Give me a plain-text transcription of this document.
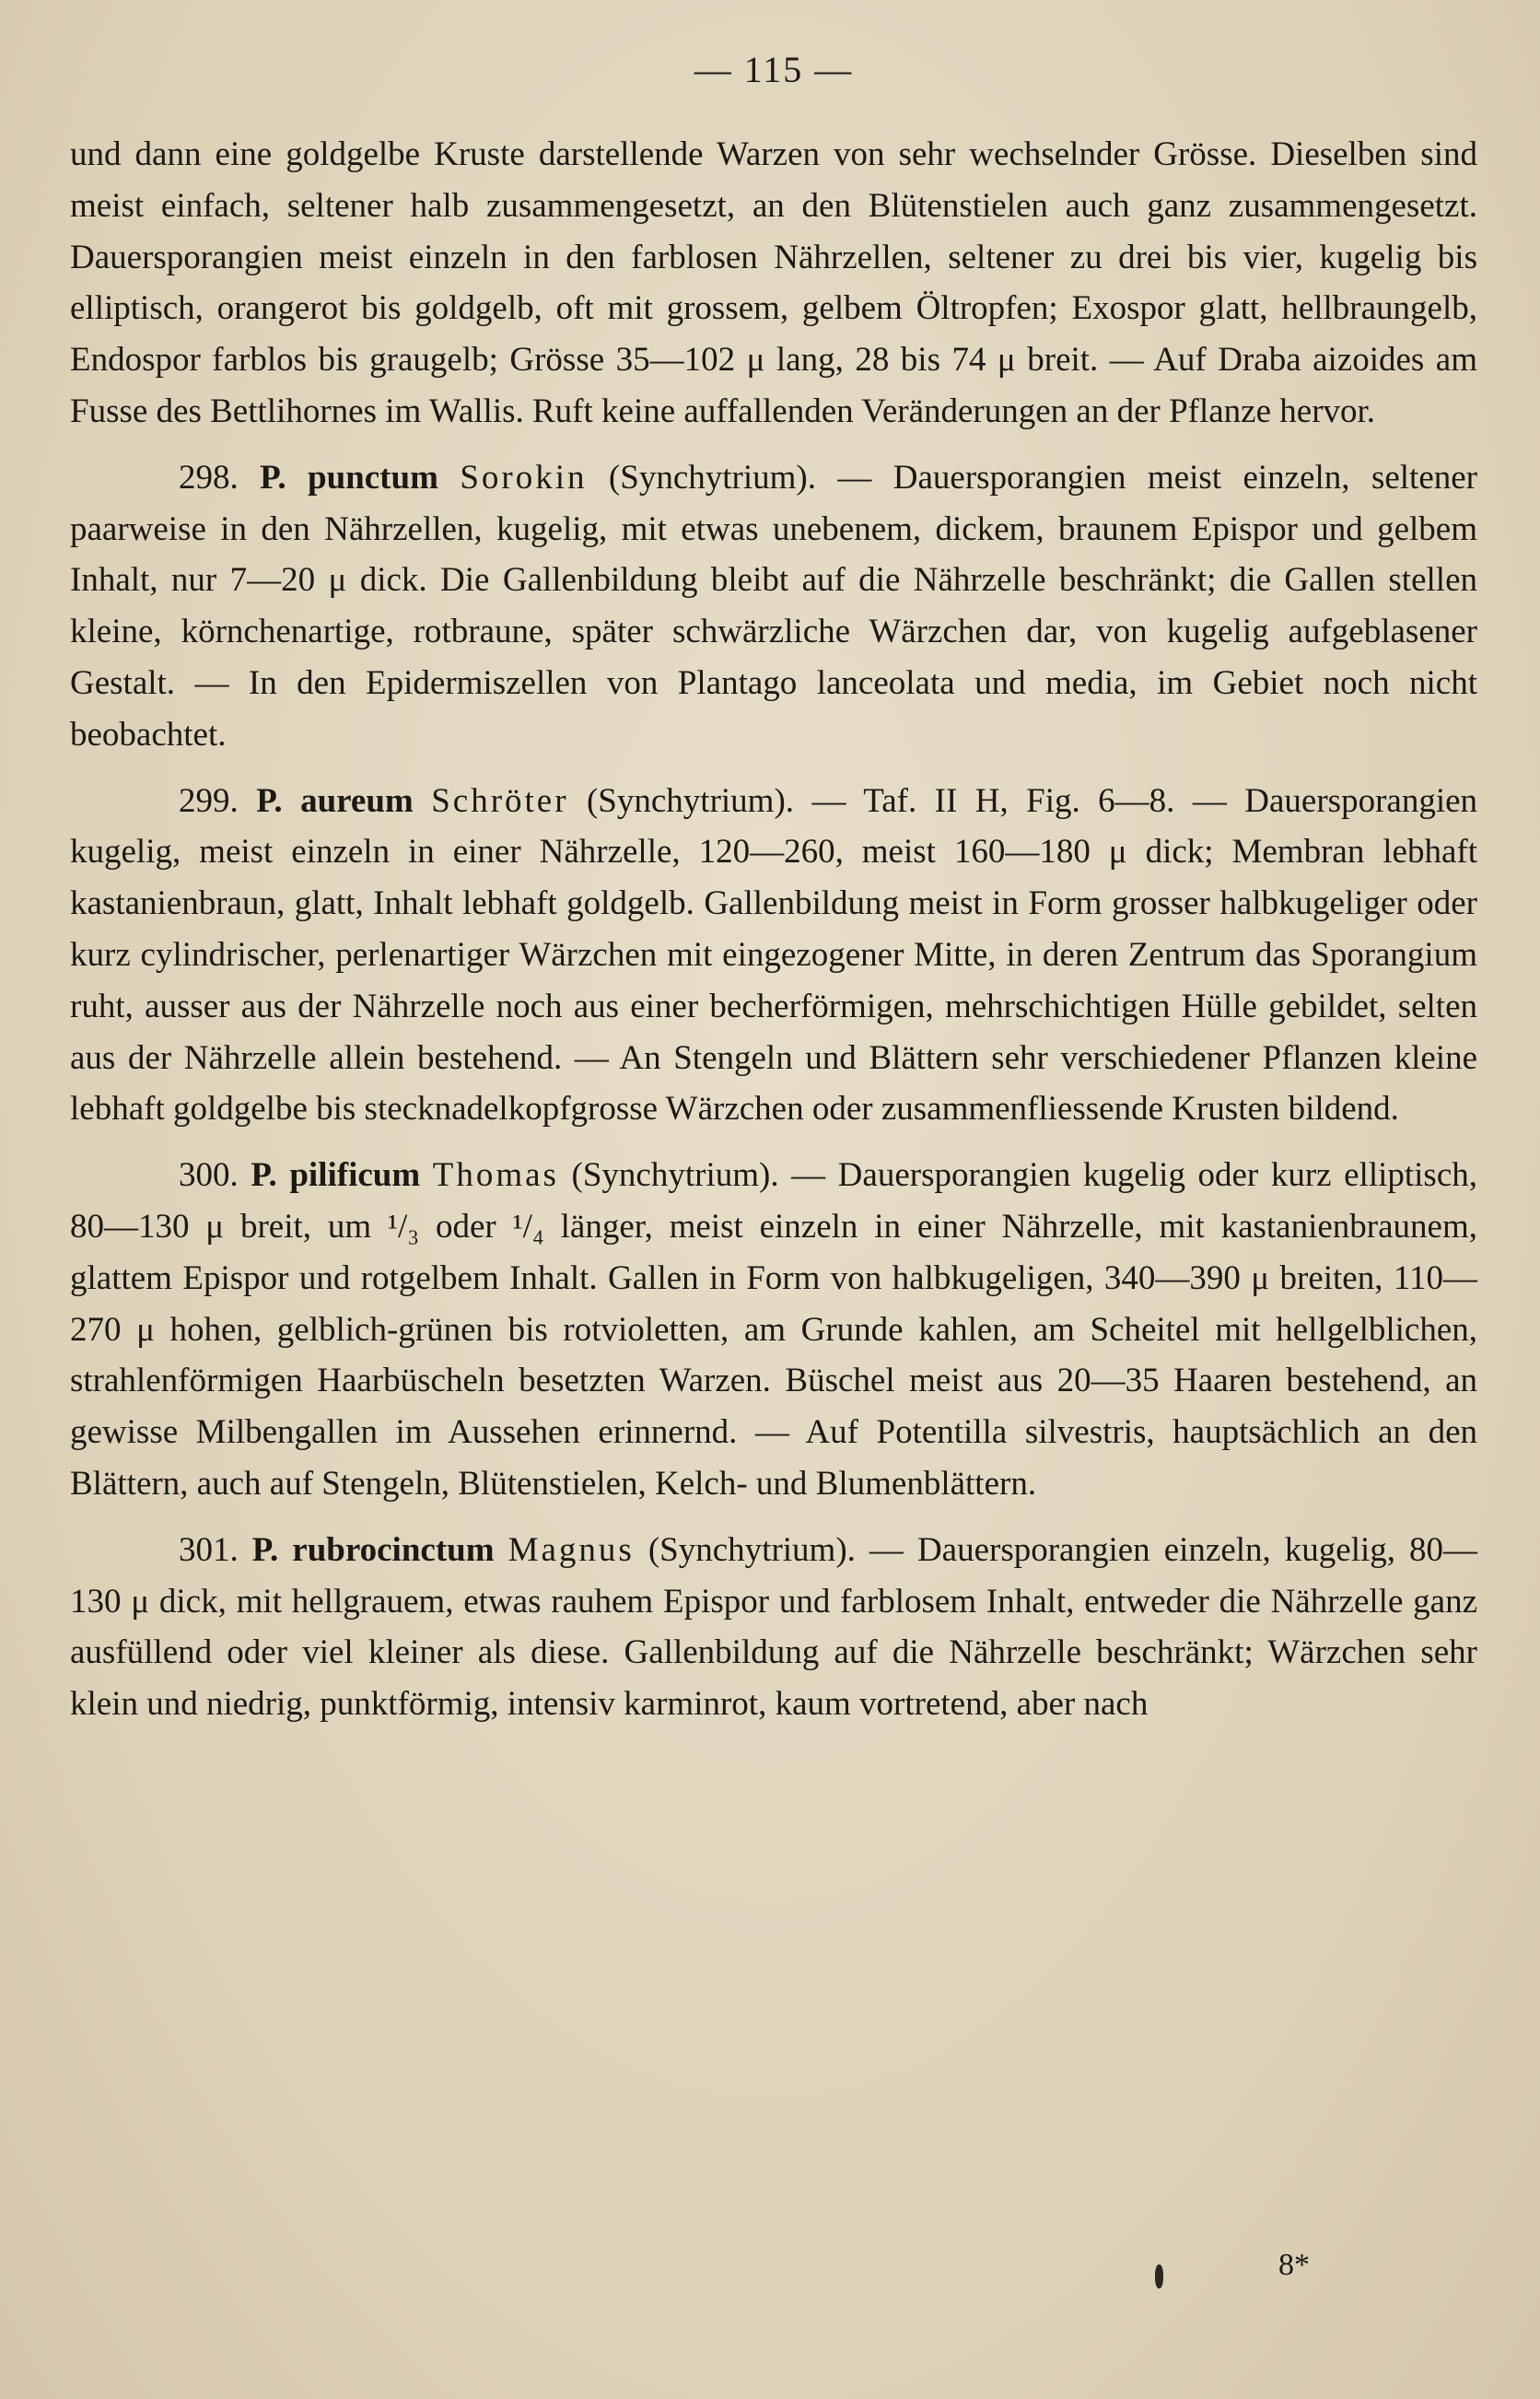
— 115 —

und dann eine goldgelbe Kruste darstellende Warzen von sehr wechselnder Grösse. Dieselben sind meist einfach, seltener halb zusammengesetzt, an den Blütenstielen auch ganz zusammengesetzt. Dauersporangien meist einzeln in den farblosen Nährzellen, seltener zu drei bis vier, kugelig bis elliptisch, orangerot bis goldgelb, oft mit grossem, gelbem Öltropfen; Exospor glatt, hellbraungelb, Endospor farblos bis graugelb; Grösse 35—102 μ lang, 28 bis 74 μ breit. — Auf Draba aizoides am Fusse des Bettlihornes im Wallis. Ruft keine auffallenden Veränderungen an der Pflanze hervor.

298. P. punctum Sorokin (Synchytrium). — Dauersporangien meist einzeln, seltener paarweise in den Nährzellen, kugelig, mit etwas unebenem, dickem, braunem Epispor und gelbem Inhalt, nur 7—20 μ dick. Die Gallenbildung bleibt auf die Nährzelle beschränkt; die Gallen stellen kleine, körnchenartige, rotbraune, später schwärzliche Wärzchen dar, von kugelig aufgeblasener Gestalt. — In den Epidermiszellen von Plantago lanceolata und media, im Gebiet noch nicht beobachtet.

299. P. aureum Schröter (Synchytrium). — Taf. II H, Fig. 6—8. — Dauersporangien kugelig, meist einzeln in einer Nährzelle, 120—260, meist 160—180 μ dick; Membran lebhaft kastanienbraun, glatt, Inhalt lebhaft goldgelb. Gallenbildung meist in Form grosser halbkugeliger oder kurz cylindrischer, perlenartiger Wärzchen mit eingezogener Mitte, in deren Zentrum das Sporangium ruht, ausser aus der Nährzelle noch aus einer becherförmigen, mehrschichtigen Hülle gebildet, selten aus der Nährzelle allein bestehend. — An Stengeln und Blättern sehr verschiedener Pflanzen kleine lebhaft goldgelbe bis stecknadelkopfgrosse Wärzchen oder zusammenfliessende Krusten bildend.

300. P. pilificum Thomas (Synchytrium). — Dauersporangien kugelig oder kurz elliptisch, 80—130 μ breit, um ¹/₃ oder ¹/₄ länger, meist einzeln in einer Nährzelle, mit kastanienbraunem, glattem Epispor und rotgelbem Inhalt. Gallen in Form von halbkugeligen, 340—390 μ breiten, 110—270 μ hohen, gelblich-grünen bis rotvioletten, am Grunde kahlen, am Scheitel mit hellgelblichen, strahlenförmigen Haarbüscheln besetzten Warzen. Büschel meist aus 20—35 Haaren bestehend, an gewisse Milbengallen im Aussehen erinnernd. — Auf Potentilla silvestris, hauptsächlich an den Blättern, auch auf Stengeln, Blütenstielen, Kelch- und Blumenblättern.

301. P. rubrocinctum Magnus (Synchytrium). — Dauersporangien einzeln, kugelig, 80—130 μ dick, mit hellgrauem, etwas rauhem Epispor und farblosem Inhalt, entweder die Nährzelle ganz ausfüllend oder viel kleiner als diese. Gallenbildung auf die Nährzelle beschränkt; Wärzchen sehr klein und niedrig, punktförmig, intensiv karminrot, kaum vortretend, aber nach

8*
